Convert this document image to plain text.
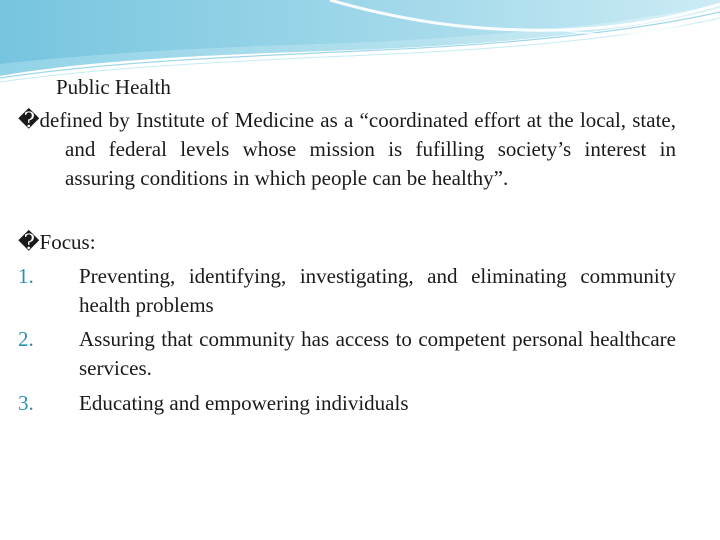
Public Health
�defined by Institute of Medicine as a “coordinated effort at the local, state, and federal levels whose mission is fufilling society’s interest in assuring conditions in which people can be healthy”.
�Focus:
1. Preventing, identifying, investigating, and eliminating community health problems
2. Assuring that community has access to competent personal healthcare services.
3. Educating and empowering individuals
